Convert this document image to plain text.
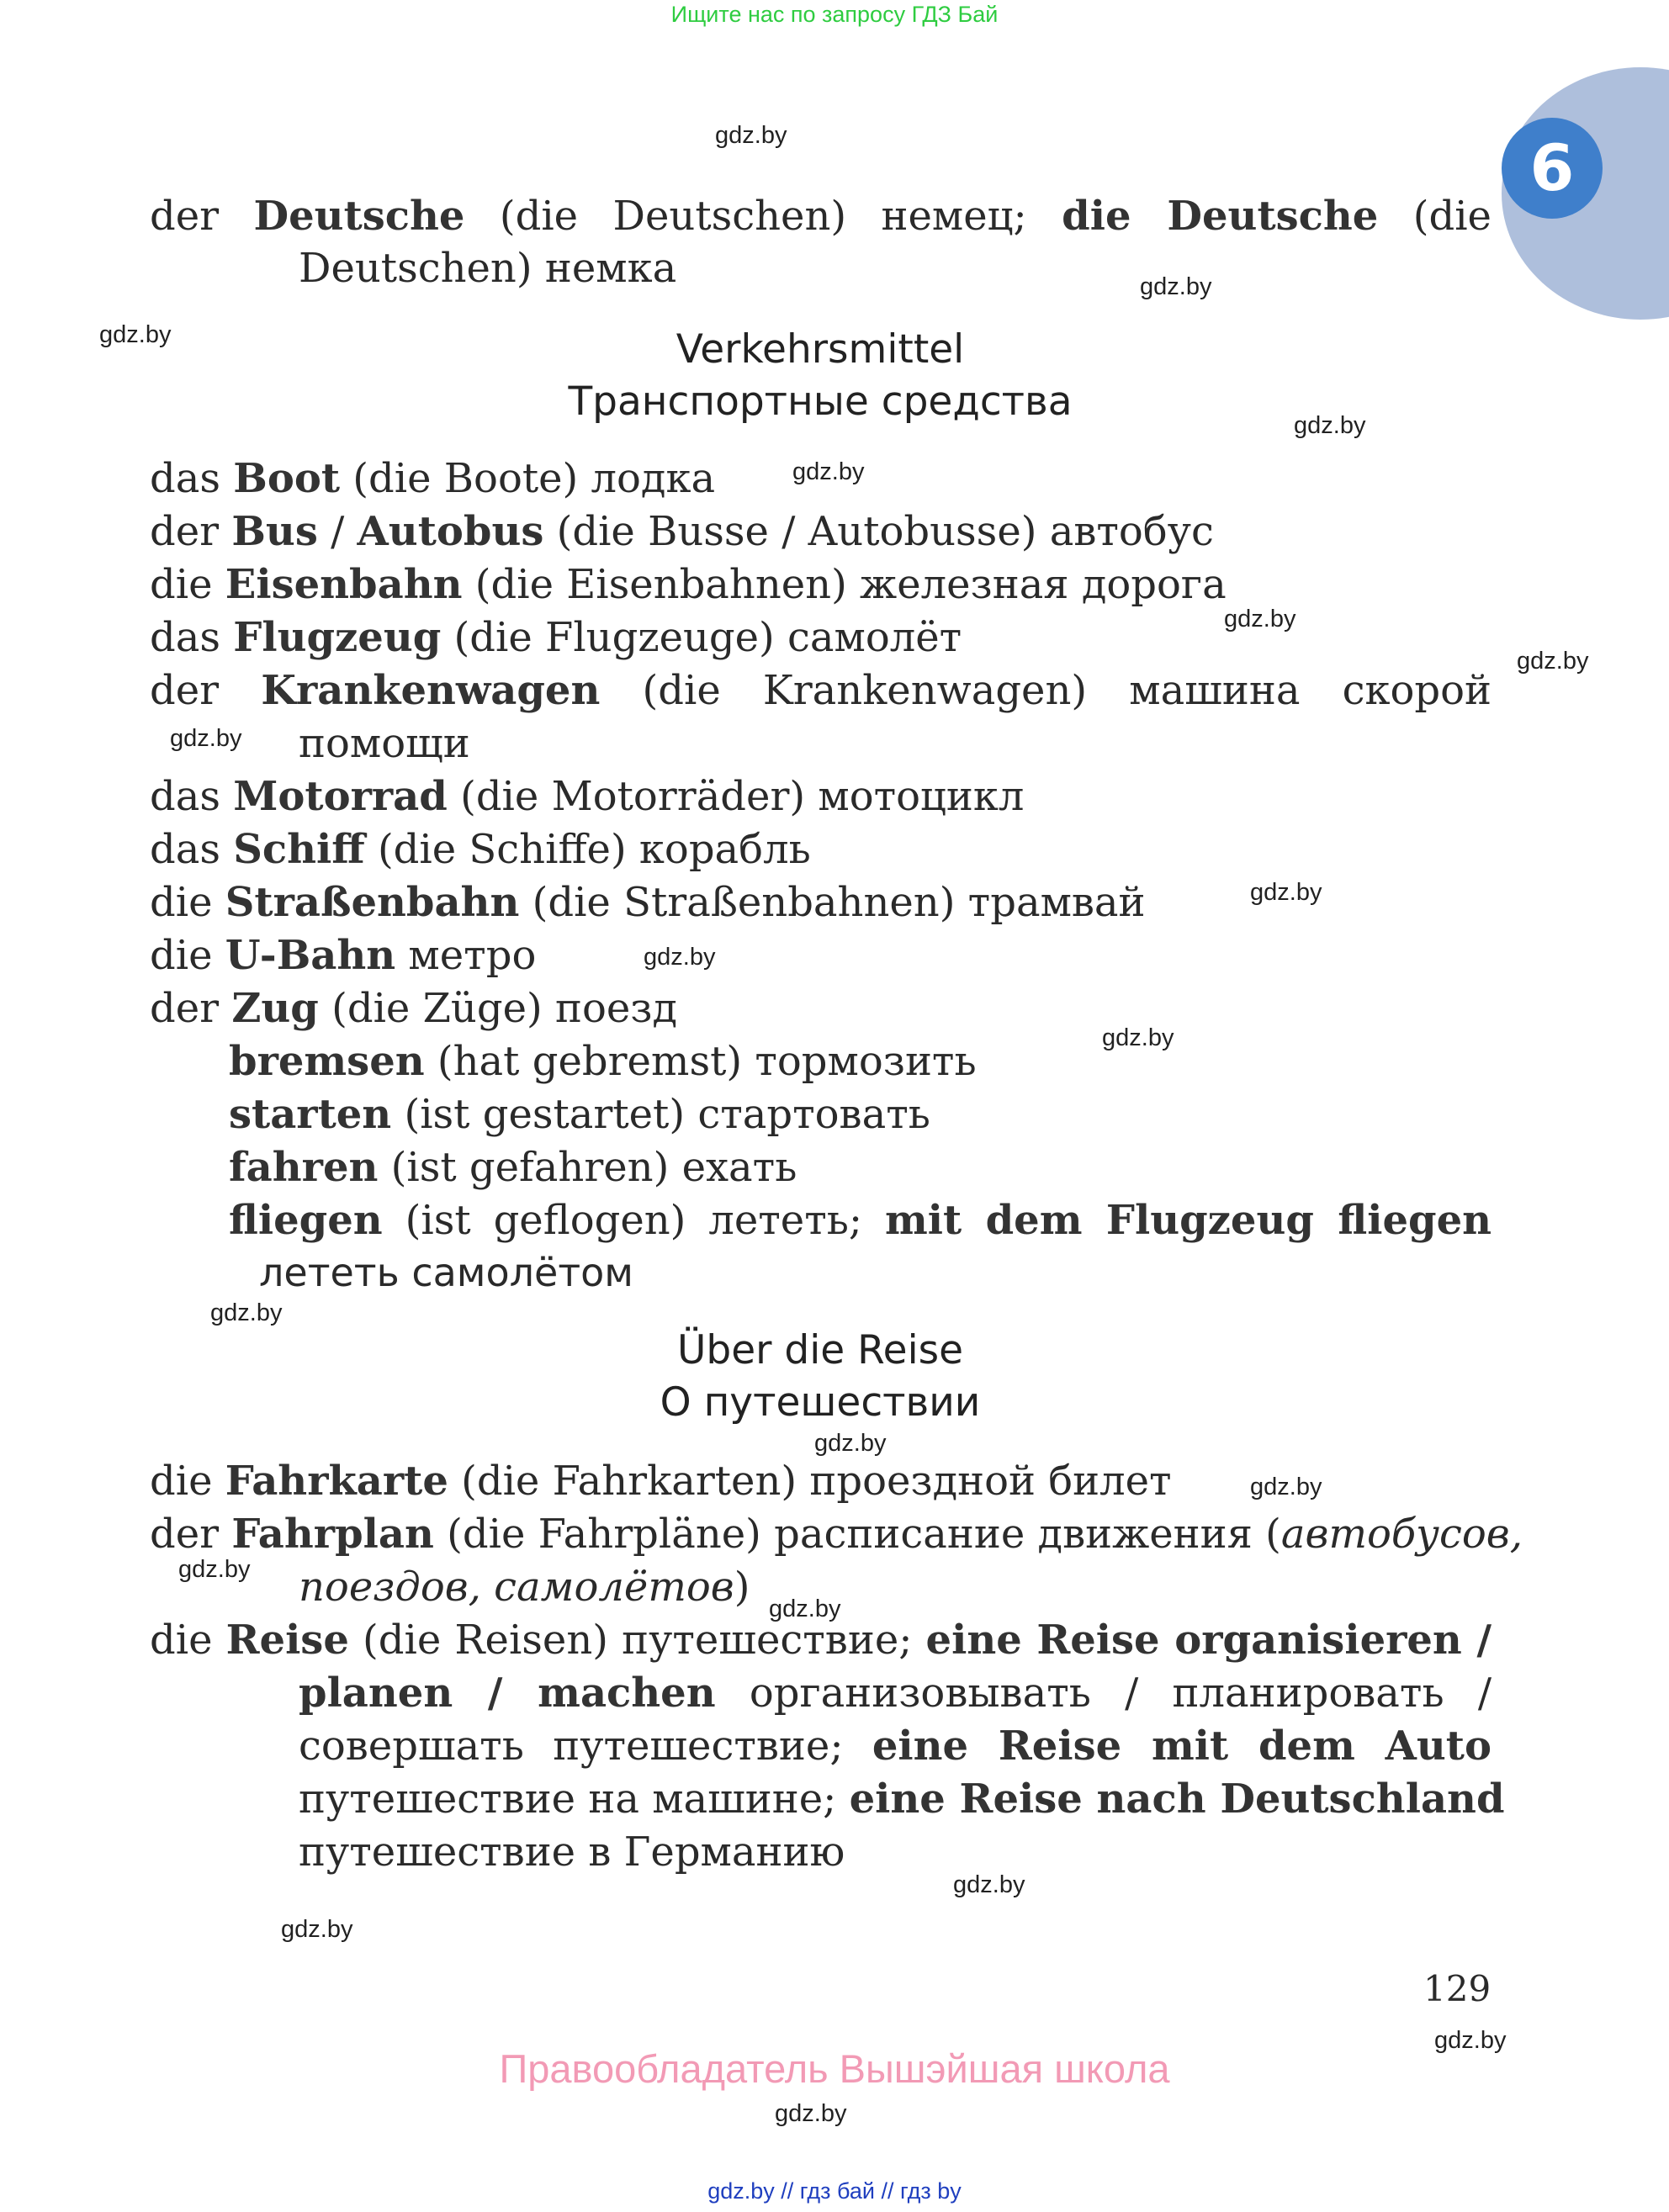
Ищите нас по запросу ГДЗ Бай
6
gdz.by
gdz.by
gdz.by
gdz.by
gdz.by
gdz.by
gdz.by
gdz.by
gdz.by
gdz.by
gdz.by
gdz.by
gdz.by
gdz.by
gdz.by
gdz.by
gdz.by
gdz.by
gdz.by
gdz.by
der Deutsche (die Deutschen) немец; die Deutsche (die
Deutschen) немка
Verkehrsmittel
Транспортные средства
das Boot (die Boote) лодка
der Bus / Autobus (die Busse / Autobusse) автобус
die Eisenbahn (die Eisenbahnen) железная дорога
das Flugzeug (die Flugzeuge) самолёт
der Krankenwagen (die Krankenwagen) машина скорой
помощи
das Motorrad (die Motorräder) мотоцикл
das Schiff (die Schiffe) корабль
die Straßenbahn (die Straßenbahnen) трамвай
die U-Bahn метро
der Zug (die Züge) поезд
bremsen (hat gebremst) тормозить
starten (ist gestartet) стартовать
fahren (ist gefahren) ехать
fliegen (ist geflogen) лететь; mit dem Flugzeug fliegen
лететь самолётом
Über die Reise
О путешествии
die Fahrkarte (die Fahrkarten) проездной билет
der Fahrplan (die Fahrpläne) расписание движения (автобусов,
поездов, самолётов)
die Reise (die Reisen) путешествие; eine Reise organisieren /
planen / machen организовывать / планировать /
совершать путешествие; eine Reise mit dem Auto
путешествие на машине; eine Reise nach Deutschland
путешествие в Германию
129
Правообладатель Вышэйшая школа
gdz.by // гдз бай // гдз by
